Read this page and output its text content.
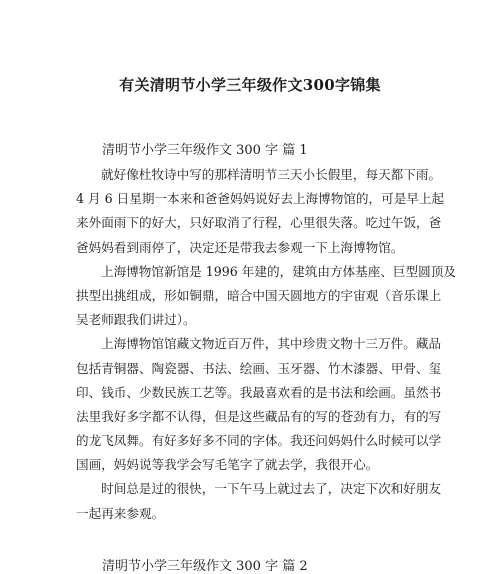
有关清明节小学三年级作文300字锦集
清明节小学三年级作文 300 字 篇 1
就好像杜牧诗中写的那样清明节三天小长假里，每天都下雨。
4 月 6 日星期一本来和爸爸妈妈说好去上海博物馆的，可是早上起
来外面雨下的好大，只好取消了行程，心里很失落。吃过午饭，爸
爸妈妈看到雨停了，决定还是带我去参观一下上海博物馆。
上海博物馆新馆是 1996 年建的，建筑由方体基座、巨型圆顶及
拱型出挑组成，形如铜鼎，暗合中国天圆地方的宇宙观（音乐课上
吴老师跟我们讲过）。
上海博物馆馆藏文物近百万件，其中珍贵文物十三万件。藏品
包括青铜器、陶瓷器、书法、绘画、玉牙器、竹木漆器、甲骨、玺
印、钱币、少数民族工艺等。我最喜欢看的是书法和绘画。虽然书
法里我好多字都不认得，但是这些藏品有的写的苍劲有力，有的写
的龙飞凤舞。有好多好多不同的字体。我还问妈妈什么时候可以学
国画，妈妈说等我学会写毛笔字了就去学，我很开心。
时间总是过的很快，一下午马上就过去了，决定下次和好朋友
一起再来参观。
清明节小学三年级作文 300 字 篇 2
